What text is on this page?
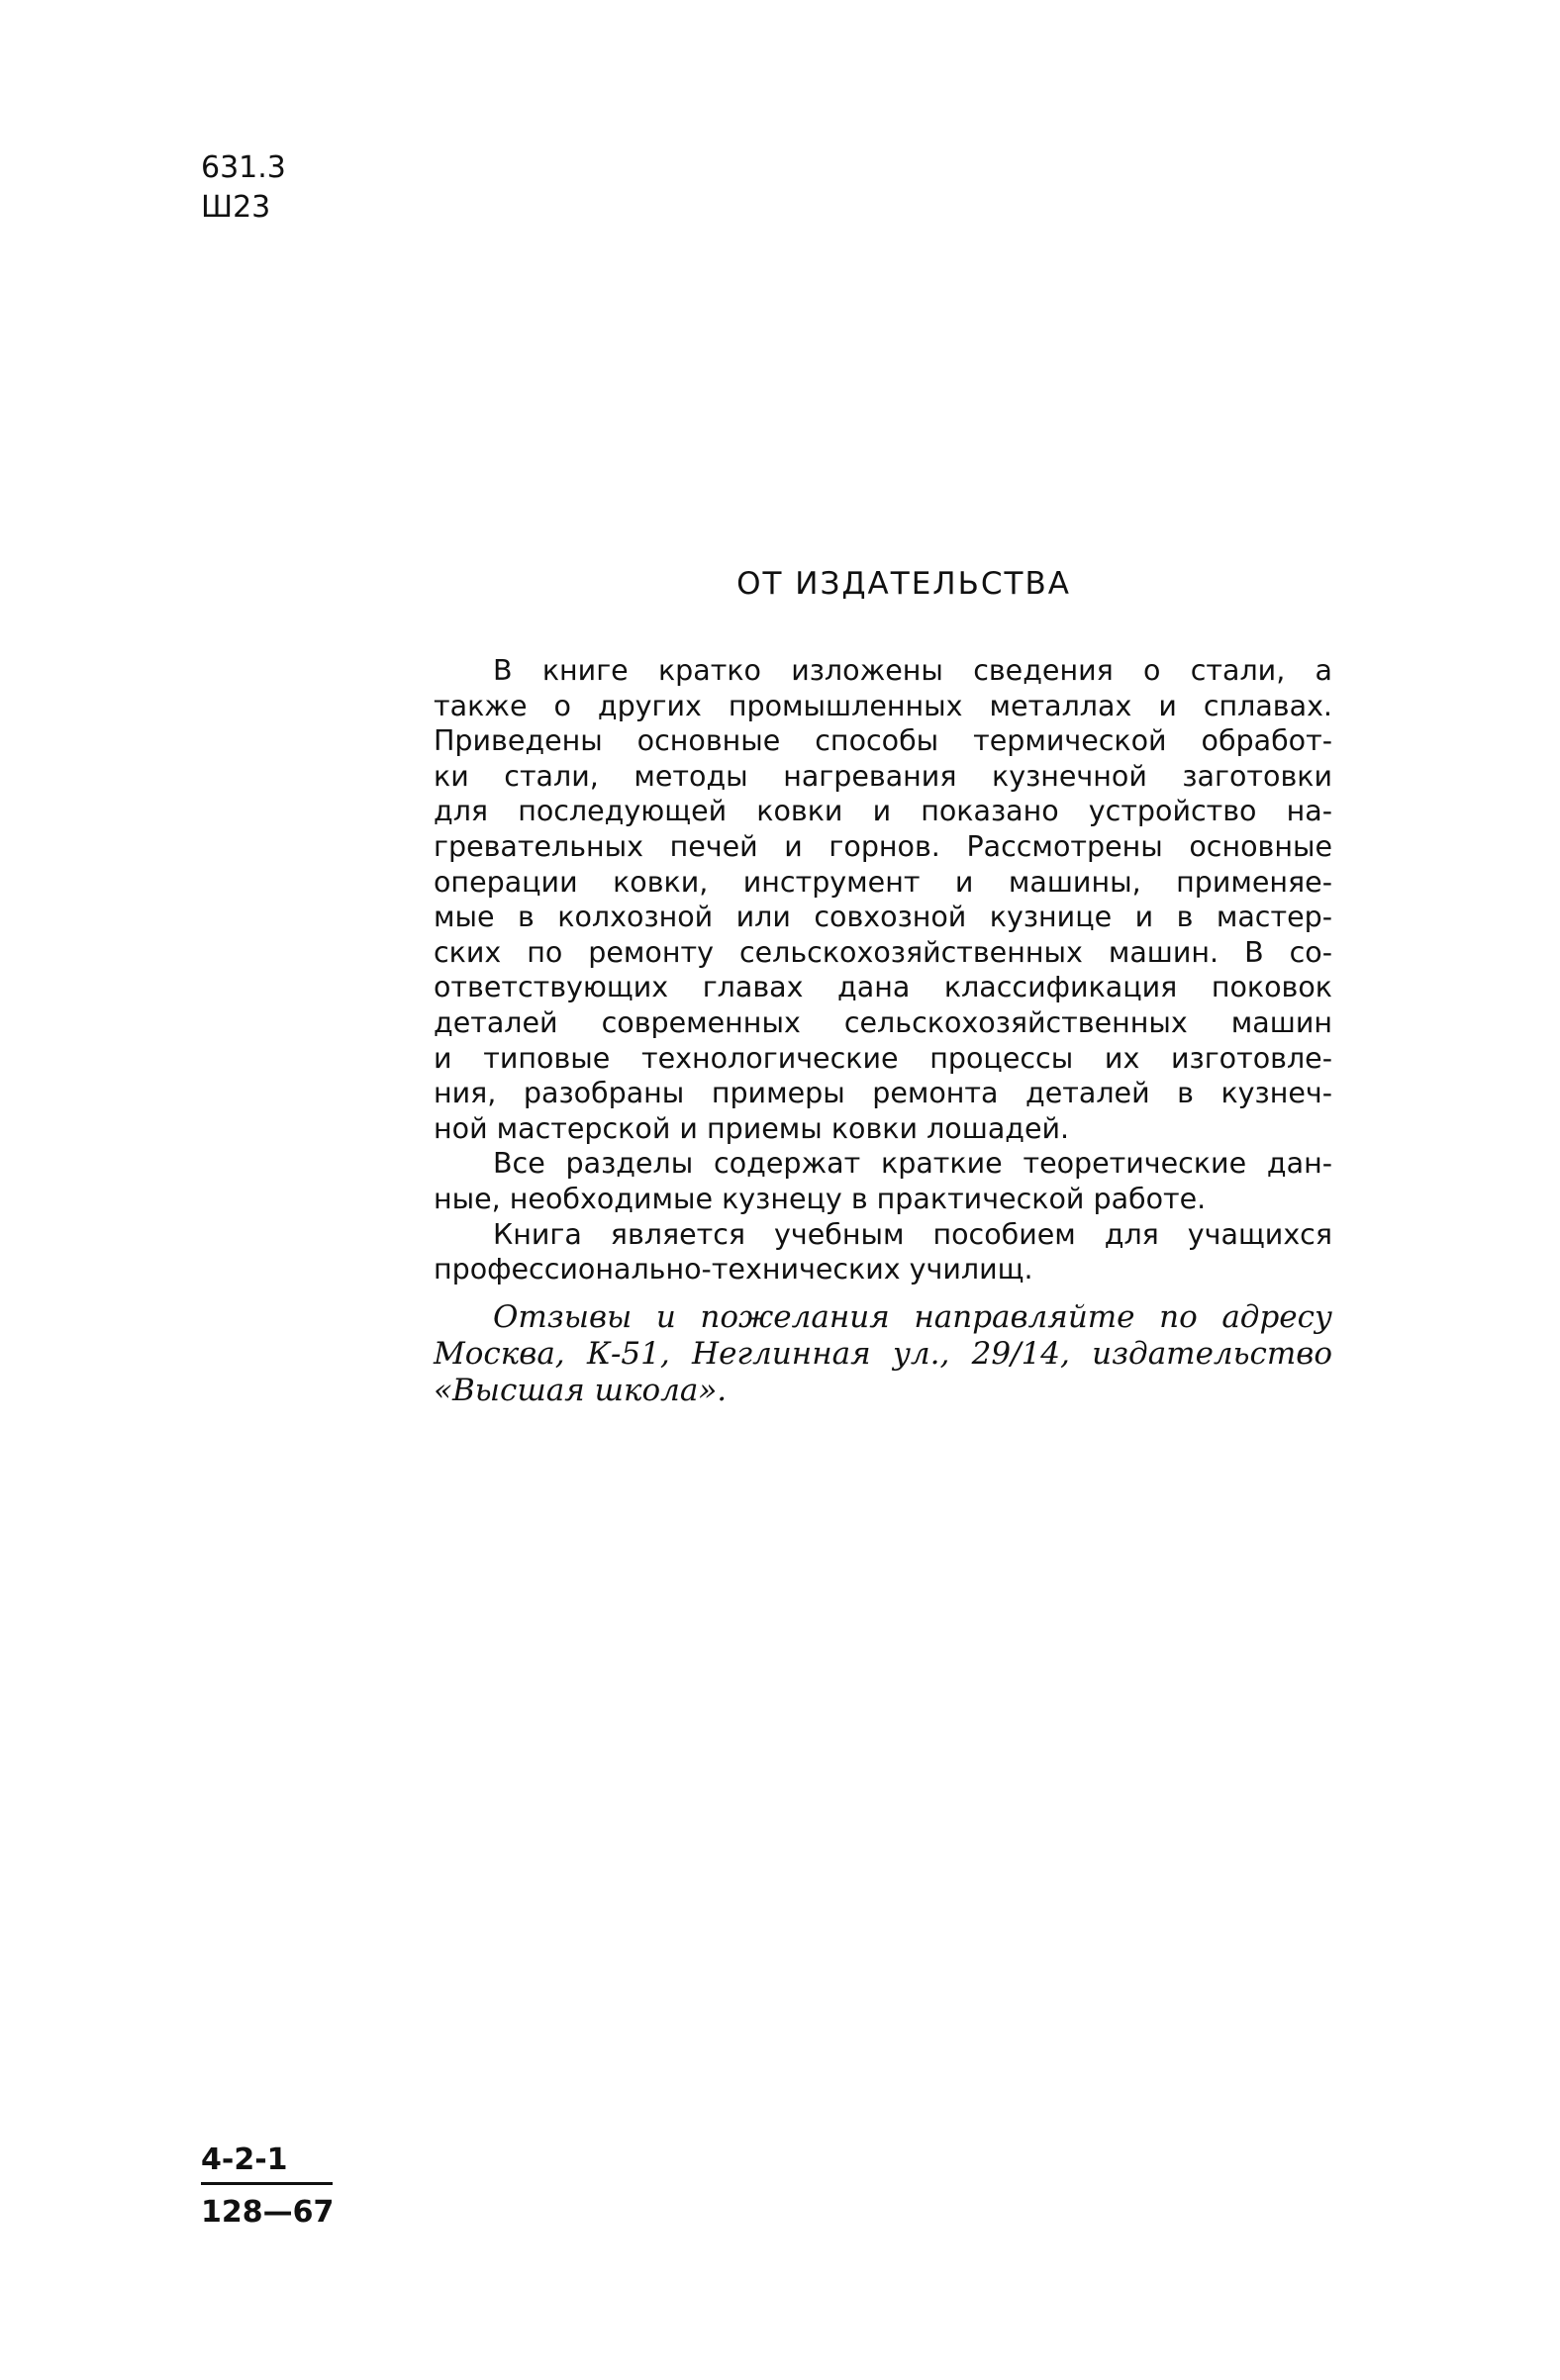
631.3
Ш23
ОТ ИЗДАТЕЛЬСТВА
В книге кратко изложены сведения о стали, а
также о других промышленных металлах и сплавах.
Приведены основные способы термической обработ-
ки стали, методы нагревания кузнечной заготовки
для последующей ковки и показано устройство на-
гревательных печей и горнов. Рассмотрены основные
операции ковки, инструмент и машины, применяе-
мые в колхозной или совхозной кузнице и в мастер-
ских по ремонту сельскохозяйственных машин. В со-
ответствующих главах дана классификация поковок
деталей современных сельскохозяйственных машин
и типовые технологические процессы их изготовле-
ния, разобраны примеры ремонта деталей в кузнеч-
ной мастерской и приемы ковки лошадей.
Все разделы содержат краткие теоретические дан-
ные, необходимые кузнецу в практической работе.
Книга является учебным пособием для учащихся
профессионально-технических училищ.
Отзывы и пожелания направляйте по адресу
Москва, К-51, Неглинная ул., 29/14, издательство
«Высшая школа».
4-2-1
128—67
